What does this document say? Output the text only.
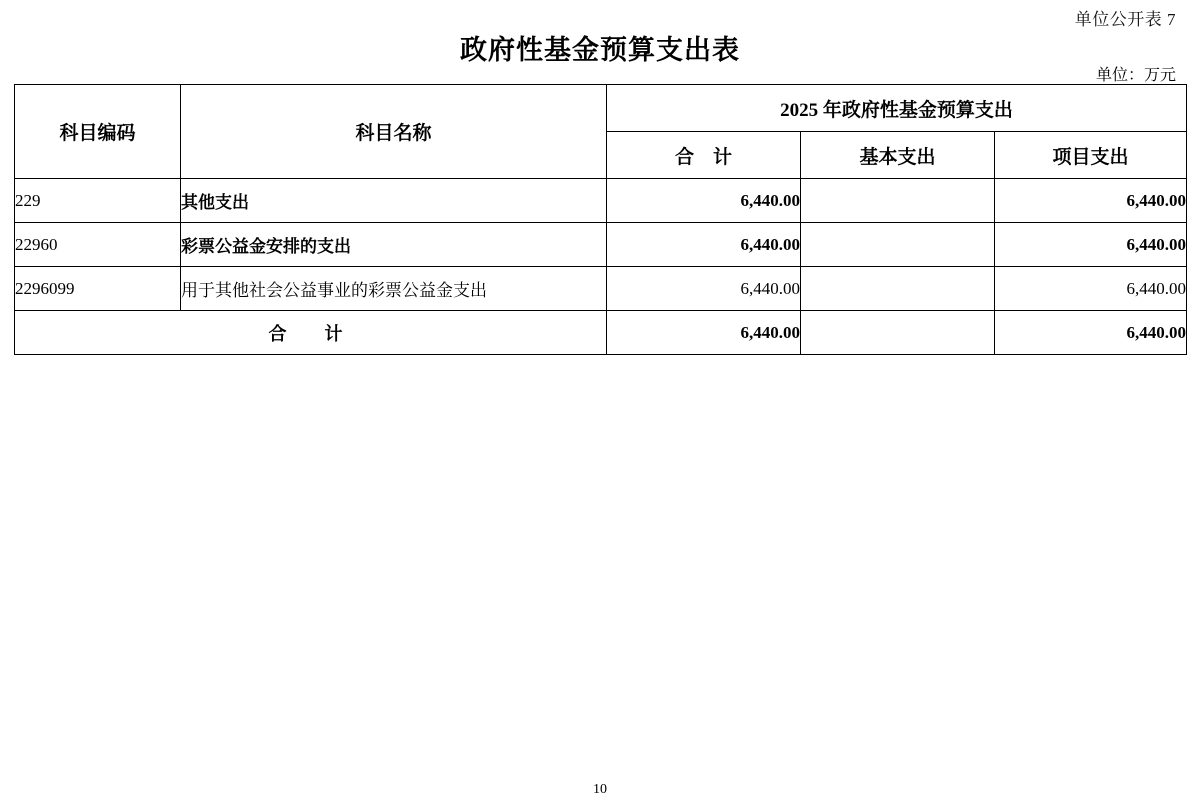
单位公开表 7
政府性基金预算支出表
单位：万元
科目编码	科目名称	2025 年政府性基金预算支出		
		合　计	基本支出	项目支出
229	其他支出	6,440.00		6,440.00
22960	彩票公益金安排的支出	6,440.00		6,440.00
2296099	用于其他社会公益事业的彩票公益金支出	6,440.00		6,440.00
合　计		6,440.00		6,440.00
10
